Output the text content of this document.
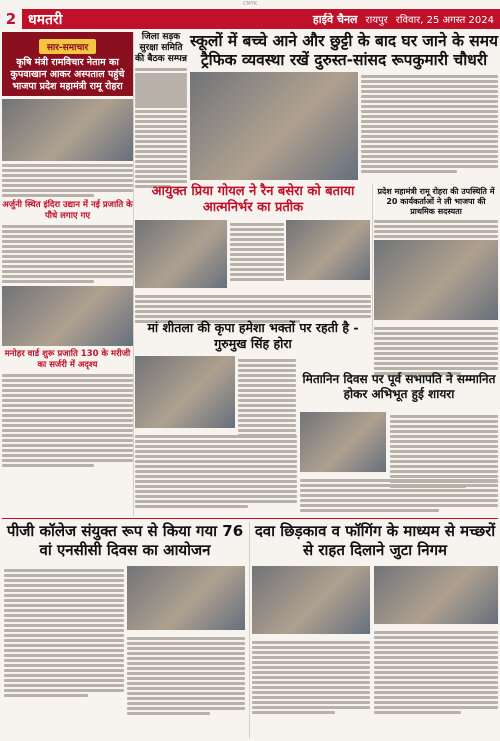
CMYK
2 धमतरी	हाईवे चैनल रायपुर रविवार, 25 अगस्त 2024
सार-समाचार
कृषि मंत्री रामविचार नेताम का कुपवाखान आकर अस्पताल पहुंचे भाजपा प्रदेश महामंत्री रामू रोहरा
अर्जुनी स्थित इंदिरा उद्यान में नई प्रजाति के पौधे लगाए गए
मनोहर वार्ड शुरू प्रजाति 130 के मरीजी का सर्जरी में अदृश्य
जिला सड़क सुरक्षा समिति की बैठक सम्पन्न
स्कूलों में बच्चे आने और छुट्टी के बाद घर जाने के समय
ट्रैफिक व्यवस्था रखें दुरुस्त-सांसद रूपकुमारी चौधरी
आयुक्त प्रिया गोयल ने रैन बसेरा को बताया आत्मनिर्भर का प्रतीक
प्रदेश महामंत्री रामू रोहरा की उपस्थिति में 20 कार्यकर्ताओं ने ली भाजपा की प्राथमिक सदस्यता
मां शीतला की कृपा हमेशा भक्तों पर रहती है - गुरुमुख सिंह होरा
मितानिन दिवस पर पूर्व सभापति ने सम्मानित होकर अभिभूत हुई शायरा
पीजी कॉलेज संयुक्त रूप से किया गया 76 वां एनसीसी दिवस का आयोजन
दवा छिड़काव व फॉगिंग के माध्यम से मच्छरों से राहत दिलाने जुटा निगम
